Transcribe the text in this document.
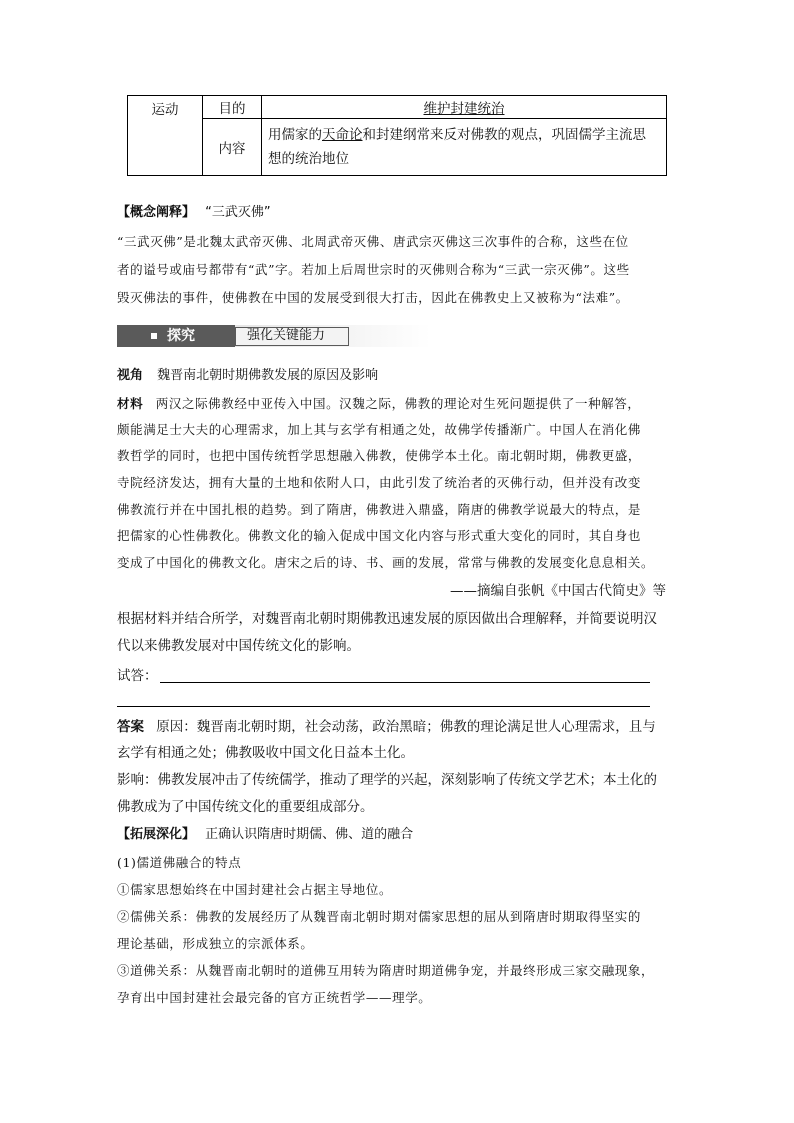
运动	目的	维护封建统治
	内容	用儒家的天命论和封建纲常来反对佛教的观点，巩固儒学主流思
想的统治地位
【概念阐释】 “三武灭佛”
“三武灭佛”是北魏太武帝灭佛、北周武帝灭佛、唐武宗灭佛这三次事件的合称，这些在位
者的谥号或庙号都带有“武”字。若加上后周世宗时的灭佛则合称为“三武一宗灭佛”。这些
毁灭佛法的事件，使佛教在中国的发展受到很大打击，因此在佛教史上又被称为“法难”。
探究	强化关键能力
视角 魏晋南北朝时期佛教发展的原因及影响
材料 两汉之际佛教经中亚传入中国。汉魏之际，佛教的理论对生死问题提供了一种解答，
颇能满足士大夫的心理需求，加上其与玄学有相通之处，故佛学传播渐广。中国人在消化佛
教哲学的同时，也把中国传统哲学思想融入佛教，使佛学本土化。南北朝时期，佛教更盛，
寺院经济发达，拥有大量的土地和依附人口，由此引发了统治者的灭佛行动，但并没有改变
佛教流行并在中国扎根的趋势。到了隋唐，佛教进入鼎盛，隋唐的佛教学说最大的特点，是
把儒家的心性佛教化。佛教文化的输入促成中国文化内容与形式重大变化的同时，其自身也
变成了中国化的佛教文化。唐宋之后的诗、书、画的发展，常常与佛教的发展变化息息相关。
——摘编自张帆《中国古代简史》等
根据材料并结合所学，对魏晋南北朝时期佛教迅速发展的原因做出合理解释，并简要说明汉
代以来佛教发展对中国传统文化的影响。
试答：
答案 原因：魏晋南北朝时期，社会动荡，政治黑暗；佛教的理论满足世人心理需求，且与
玄学有相通之处；佛教吸收中国文化日益本土化。
影响：佛教发展冲击了传统儒学，推动了理学的兴起，深刻影响了传统文学艺术；本土化的
佛教成为了中国传统文化的重要组成部分。
【拓展深化】 正确认识隋唐时期儒、佛、道的融合
(1)儒道佛融合的特点
①儒家思想始终在中国封建社会占据主导地位。
②儒佛关系：佛教的发展经历了从魏晋南北朝时期对儒家思想的屈从到隋唐时期取得坚实的
理论基础，形成独立的宗派体系。
③道佛关系：从魏晋南北朝时的道佛互用转为隋唐时期道佛争宠，并最终形成三家交融现象，
孕育出中国封建社会最完备的官方正统哲学——理学。
